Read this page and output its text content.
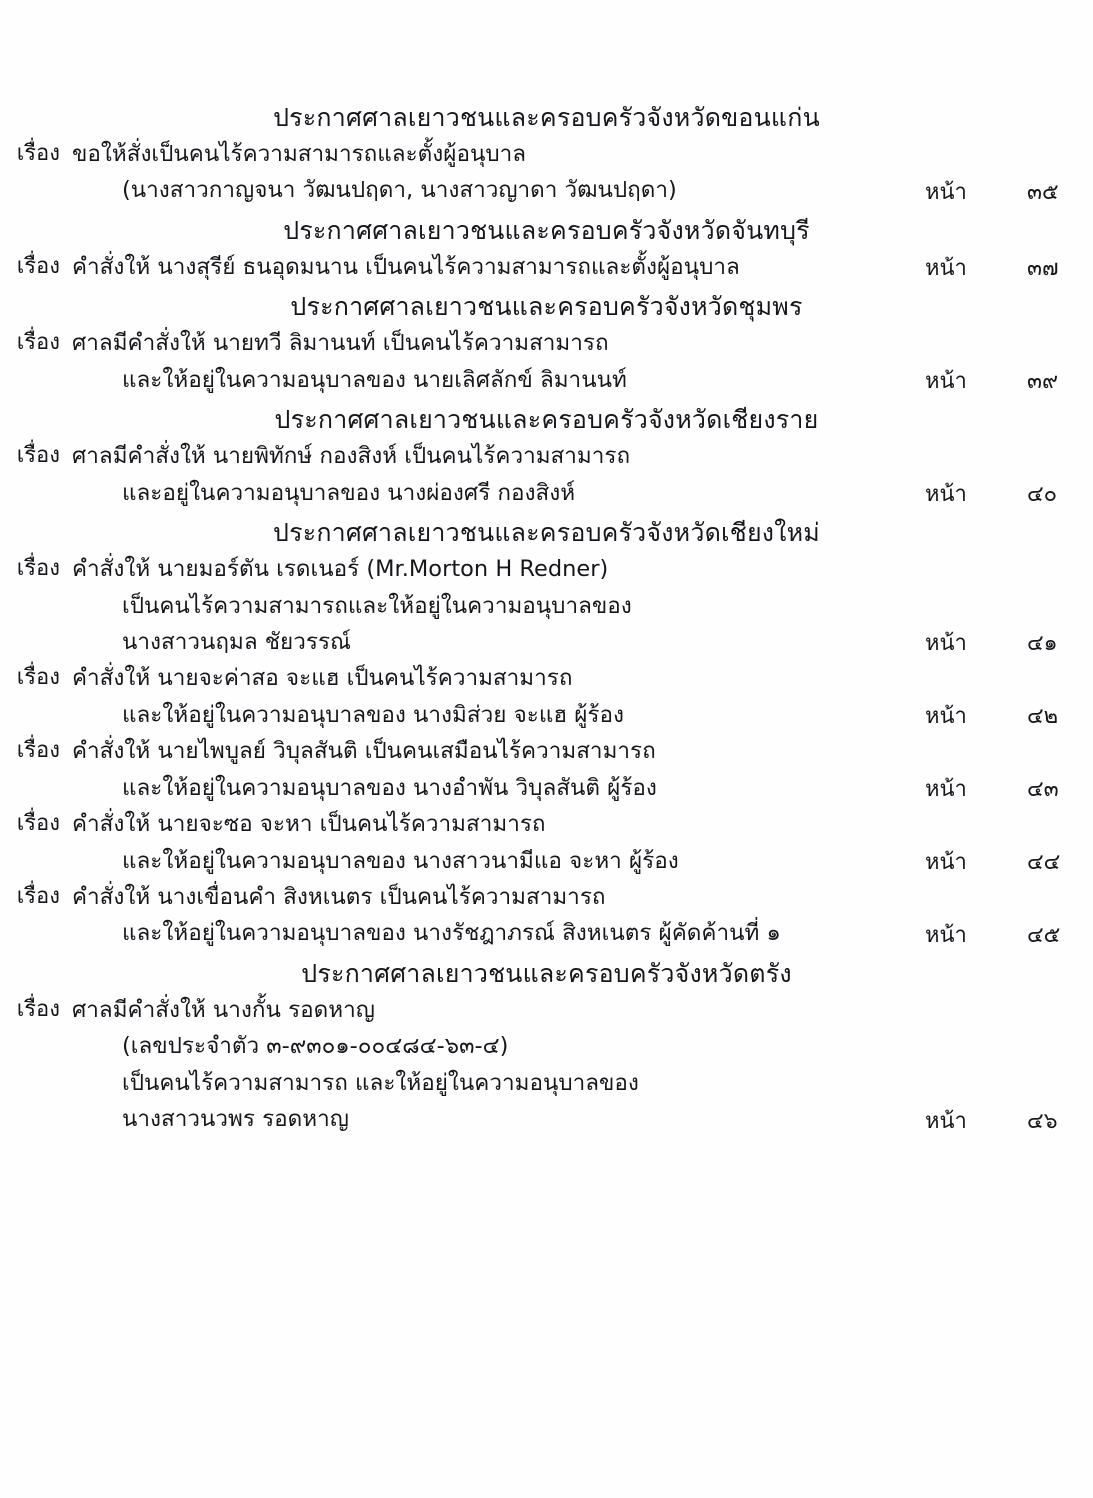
ประกาศศาลเยาวชนและครอบครัวจังหวัดขอนแก่น
เรื่อง ขอให้สั่งเป็นคนไร้ความสามารถและตั้งผู้อนุบาล
(นางสาวกาญจนา วัฒนปฤดา, นางสาวญาดา วัฒนปฤดา)	หน้า	๓๕
ประกาศศาลเยาวชนและครอบครัวจังหวัดจันทบุรี
เรื่อง คำสั่งให้ นางสุรีย์ ธนอุดมนาน เป็นคนไร้ความสามารถและตั้งผู้อนุบาล	หน้า	๓๗
ประกาศศาลเยาวชนและครอบครัวจังหวัดชุมพร
เรื่อง ศาลมีคำสั่งให้ นายทวี ลิมานนท์ เป็นคนไร้ความสามารถ
และให้อยู่ในความอนุบาลของ นายเลิศลักข์ ลิมานนท์	หน้า	๓๙
ประกาศศาลเยาวชนและครอบครัวจังหวัดเชียงราย
เรื่อง ศาลมีคำสั่งให้ นายพิทักษ์ กองสิงห์ เป็นคนไร้ความสามารถ
และอยู่ในความอนุบาลของ นางผ่องศรี กองสิงห์	หน้า	๔๐
ประกาศศาลเยาวชนและครอบครัวจังหวัดเชียงใหม่
เรื่อง คำสั่งให้ นายมอร์ตัน เรดเนอร์ (Mr.Morton H Redner)
เป็นคนไร้ความสามารถและให้อยู่ในความอนุบาลของ
นางสาวนฤมล ชัยวรรณ์	หน้า	๔๑
เรื่อง คำสั่งให้ นายจะค่าสอ จะแฮ เป็นคนไร้ความสามารถ
และให้อยู่ในความอนุบาลของ นางมิส่วย จะแฮ ผู้ร้อง	หน้า	๔๒
เรื่อง คำสั่งให้ นายไพบูลย์ วิบุลสันติ เป็นคนเสมือนไร้ความสามารถ
และให้อยู่ในความอนุบาลของ นางอำพัน วิบุลสันติ ผู้ร้อง	หน้า	๔๓
เรื่อง คำสั่งให้ นายจะซอ จะหา เป็นคนไร้ความสามารถ
และให้อยู่ในความอนุบาลของ นางสาวนามีแอ จะหา ผู้ร้อง	หน้า	๔๔
เรื่อง คำสั่งให้ นางเขื่อนคำ สิงหเนตร เป็นคนไร้ความสามารถ
และให้อยู่ในความอนุบาลของ นางรัชฎาภรณ์ สิงหเนตร ผู้คัดค้านที่ ๑	หน้า	๔๕
ประกาศศาลเยาวชนและครอบครัวจังหวัดตรัง
เรื่อง ศาลมีคำสั่งให้ นางกั้น รอดหาญ
(เลขประจำตัว ๓-๙๓๐๑-๐๐๔๘๔-๖๓-๔)
เป็นคนไร้ความสามารถ และให้อยู่ในความอนุบาลของ
นางสาวนวพร รอดหาญ	หน้า	๔๖
